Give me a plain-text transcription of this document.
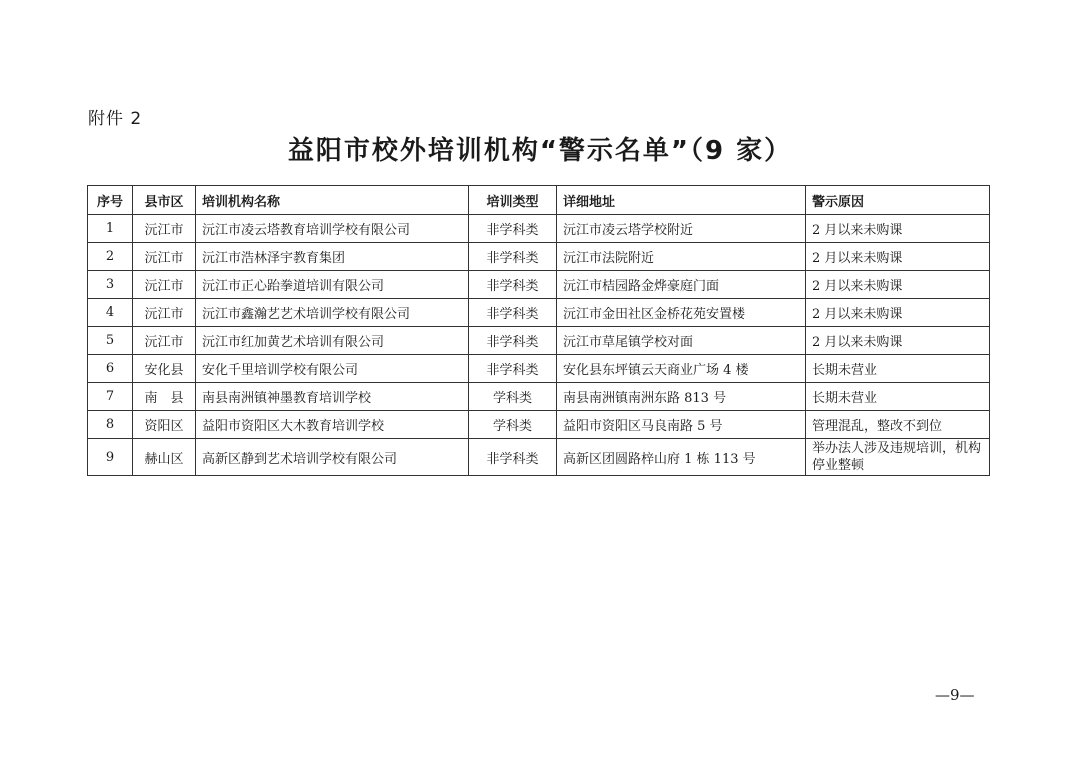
附件 2
益阳市校外培训机构“警示名单”（9 家）
序号	县市区	培训机构名称	培训类型	详细地址	警示原因
1	沅江市	沅江市凌云塔教育培训学校有限公司	非学科类	沅江市凌云塔学校附近	2 月以来未购课
2	沅江市	沅江市浩林泽宇教育集团	非学科类	沅江市法院附近	2 月以来未购课
3	沅江市	沅江市正心跆拳道培训有限公司	非学科类	沅江市桔园路金烨豪庭门面	2 月以来未购课
4	沅江市	沅江市鑫瀚艺艺术培训学校有限公司	非学科类	沅江市金田社区金桥花苑安置楼	2 月以来未购课
5	沅江市	沅江市红加黄艺术培训有限公司	非学科类	沅江市草尾镇学校对面	2 月以来未购课
6	安化县	安化千里培训学校有限公司	非学科类	安化县东坪镇云天商业广场 4 楼	长期未营业
7	南　县	南县南洲镇神墨教育培训学校	学科类	南县南洲镇南洲东路 813 号	长期未营业
8	资阳区	益阳市资阳区大木教育培训学校	学科类	益阳市资阳区马良南路 5 号	管理混乱，整改不到位
9	赫山区	高新区静到艺术培训学校有限公司	非学科类	高新区团圆路梓山府 1 栋 113 号	举办法人涉及违规培训，机构停业整顿
—9—
